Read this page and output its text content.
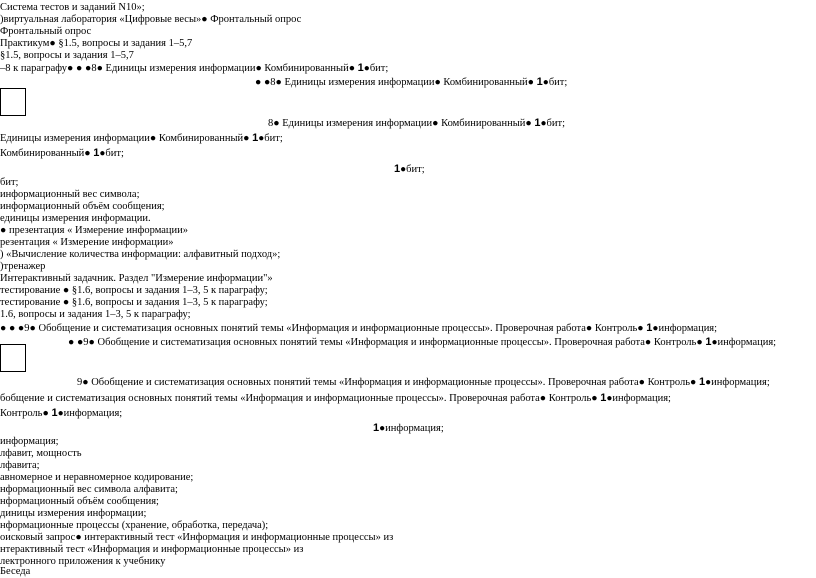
Система тестов и заданий N10»;
)виртуальная лаборатория «Цифровые весы»● Фронтальный опрос
Фронтальный опрос
Практикум● §1.5, вопросы и задания 1–5,7
§1.5, вопросы и задания 1–5,7
–8 к параграфу● ● ●8● Единицы измерения информации● Комбинированный● 1●бит;
● ●8● Единицы измерения информации● Комбинированный● 1●бит;
8● Единицы измерения информации● Комбинированный● 1●бит;
Единицы измерения информации● Комбинированный● 1●бит;
Комбинированный● 1●бит;
1●бит;
бит;
информационный вес символа;
информационный объём сообщения;
единицы измерения информации.
● презентация « Измерение информации»
резентация « Измерение информации»
) «Вычисление количества информации: алфавитный подход»;
)тренажер
Интерактивный задачник. Раздел "Измерение информации"»
тестирование ● §1.6, вопросы и задания 1–3, 5 к параграфу;
тестирование ● §1.6, вопросы и задания 1–3, 5 к параграфу;
1.6, вопросы и задания 1–3, 5 к параграфу;
● ● ●9● Обобщение и систематизация основных понятий темы «Информация и информационные процессы». Проверочная работа● Контроль● 1●информация;
● ●9● Обобщение и систематизация основных понятий темы «Информация и информационные процессы». Проверочная работа● Контроль● 1●информация;
9● Обобщение и систематизация основных понятий темы «Информация и информационные процессы». Проверочная работа● Контроль● 1●информация;
бобщение и систематизация основных понятий темы «Информация и информационные процессы». Проверочная работа● Контроль● 1●информация;
Контроль● 1●информация;
1●информация;
информация;
лфавит, мощность
лфавита;
авномерное и неравномерное кодирование;
нформационный вес символа алфавита;
нформационный объём сообщения;
диницы измерения информации;
нформационные процессы (хранение, обработка, передача);
оисковый запрос● интерактивный тест «Информация и информационные процессы» из
нтерактивный тест «Информация и информационные процессы» из
лектронного приложения к учебнику
Беседа
